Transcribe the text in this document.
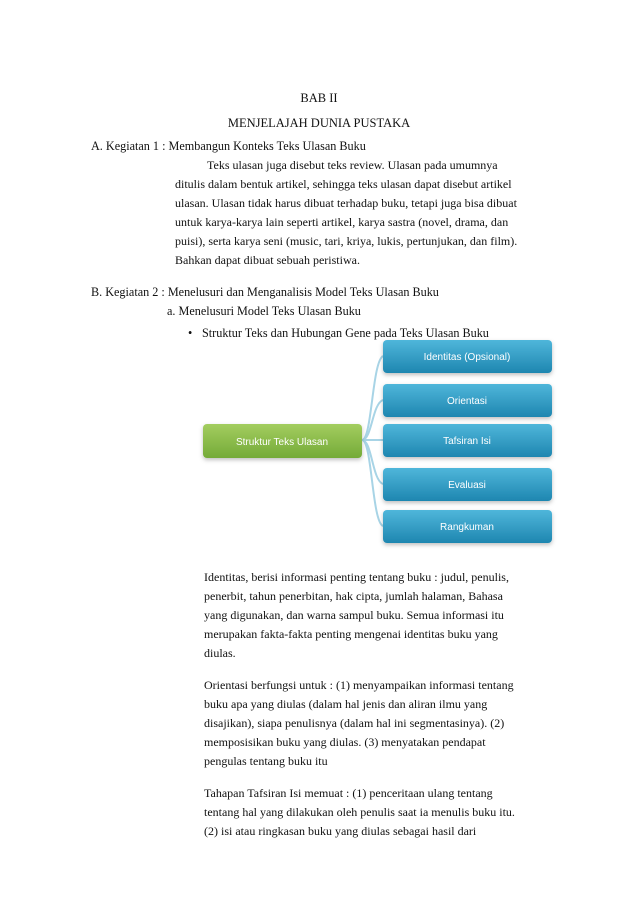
BAB II
MENJELAJAH DUNIA PUSTAKA
A. Kegiatan 1 : Membangun Konteks Teks Ulasan Buku
Teks ulasan juga disebut teks review. Ulasan pada umumnya
ditulis dalam bentuk artikel, sehingga teks ulasan dapat disebut artikel
ulasan. Ulasan tidak harus dibuat terhadap buku, tetapi juga bisa dibuat
untuk karya-karya lain seperti artikel, karya sastra (novel, drama, dan
puisi), serta karya seni (music, tari, kriya, lukis, pertunjukan, dan film).
Bahkan dapat dibuat sebuah peristiwa.
B. Kegiatan 2 : Menelusuri dan Menganalisis Model Teks Ulasan Buku
a. Menelusuri Model Teks Ulasan Buku
• Struktur Teks dan Hubungan Gene pada Teks Ulasan Buku
Struktur Teks Ulasan
Identitas (Opsional)
Orientasi
Tafsiran Isi
Evaluasi
Rangkuman
Identitas, berisi informasi penting tentang buku : judul, penulis,
penerbit, tahun penerbitan, hak cipta, jumlah halaman, Bahasa
yang digunakan, dan warna sampul buku. Semua informasi itu
merupakan fakta-fakta penting mengenai identitas buku yang
diulas.
Orientasi berfungsi untuk : (1) menyampaikan informasi tentang
buku apa yang diulas (dalam hal jenis dan aliran ilmu yang
disajikan), siapa penulisnya (dalam hal ini segmentasinya). (2)
memposisikan buku yang diulas. (3) menyatakan pendapat
pengulas tentang buku itu
Tahapan Tafsiran Isi memuat : (1) penceritaan ulang tentang
tentang hal yang dilakukan oleh penulis saat ia menulis buku itu.
(2) isi atau ringkasan buku yang diulas sebagai hasil dari
